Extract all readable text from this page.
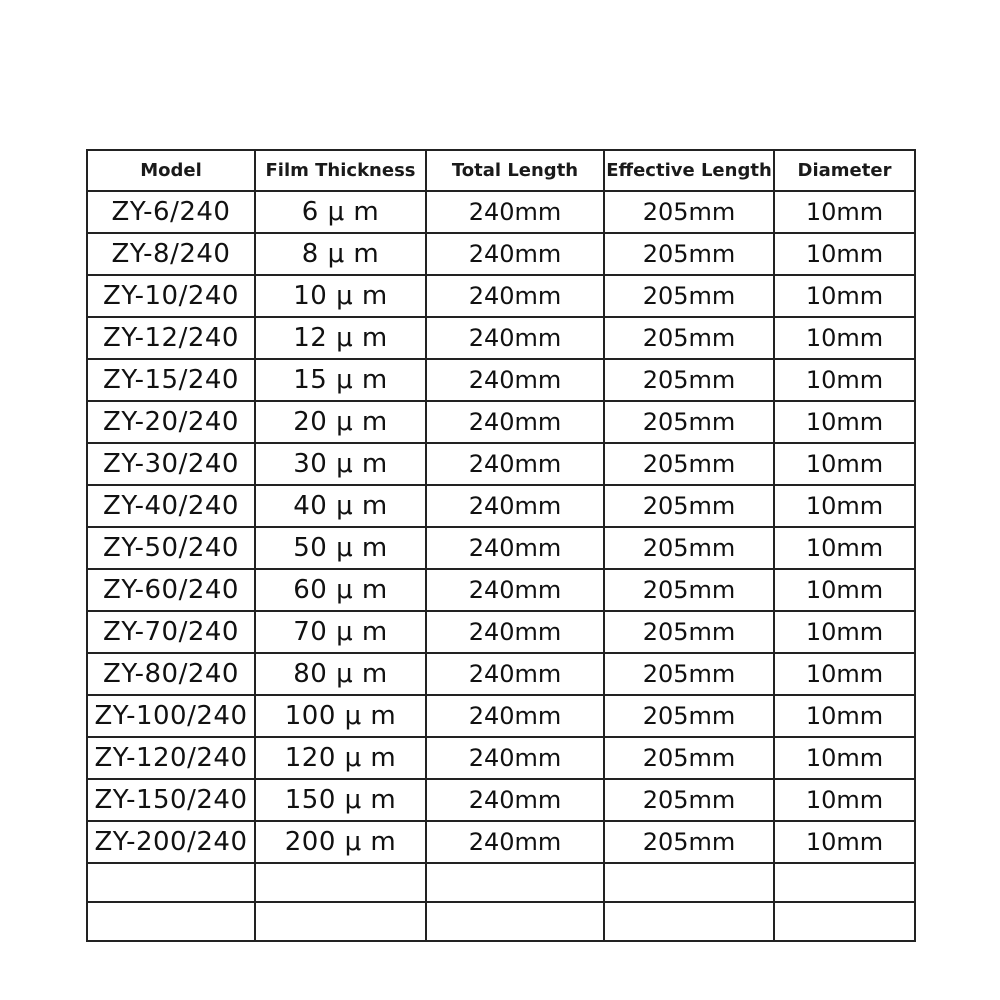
Model	Film Thickness	Total Length	Effective Length	Diameter
ZY-6/240	6 μ m	240mm	205mm	10mm
ZY-8/240	8 μ m	240mm	205mm	10mm
ZY-10/240	10 μ m	240mm	205mm	10mm
ZY-12/240	12 μ m	240mm	205mm	10mm
ZY-15/240	15 μ m	240mm	205mm	10mm
ZY-20/240	20 μ m	240mm	205mm	10mm
ZY-30/240	30 μ m	240mm	205mm	10mm
ZY-40/240	40 μ m	240mm	205mm	10mm
ZY-50/240	50 μ m	240mm	205mm	10mm
ZY-60/240	60 μ m	240mm	205mm	10mm
ZY-70/240	70 μ m	240mm	205mm	10mm
ZY-80/240	80 μ m	240mm	205mm	10mm
ZY-100/240	100 μ m	240mm	205mm	10mm
ZY-120/240	120 μ m	240mm	205mm	10mm
ZY-150/240	150 μ m	240mm	205mm	10mm
ZY-200/240	200 μ m	240mm	205mm	10mm
